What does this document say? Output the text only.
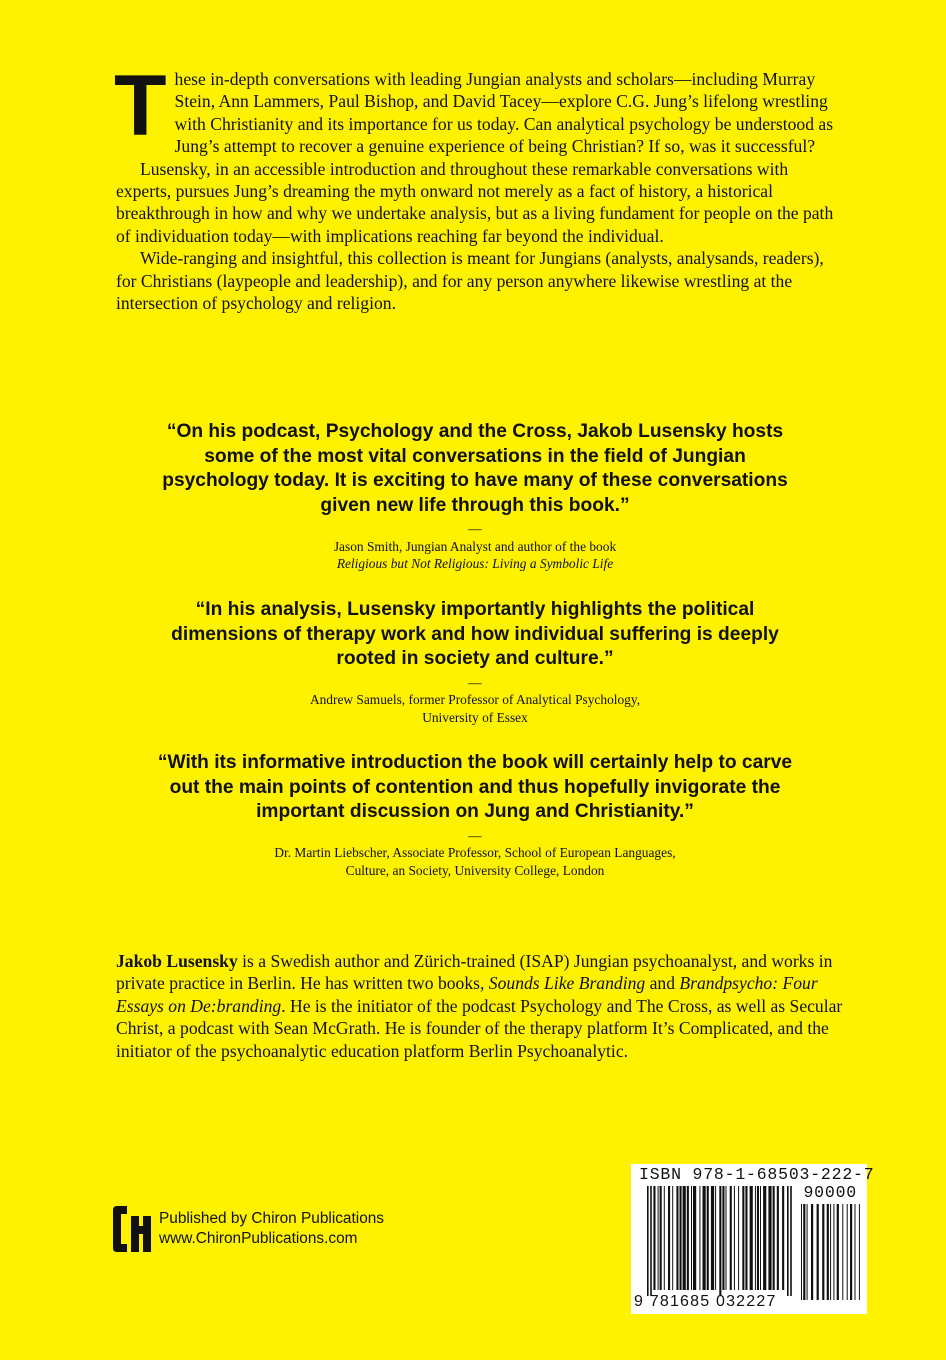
These in-depth conversations with leading Jungian analysts and scholars—including Murray Stein, Ann Lammers, Paul Bishop, and David Tacey—explore C.G. Jung’s lifelong wrestling with Christianity and its importance for us today. Can analytical psychology be understood as Jung’s attempt to recover a genuine experience of being Christian? If so, was it successful?

Lusensky, in an accessible introduction and throughout these remarkable conversations with experts, pursues Jung’s dreaming the myth onward not merely as a fact of history, a historical breakthrough in how and why we undertake analysis, but as a living fundament for people on the path of individuation today—with implications reaching far beyond the individual.

Wide-ranging and insightful, this collection is meant for Jungians (analysts, analysands, readers), for Christians (laypeople and leadership), and for any person anywhere likewise wrestling at the intersection of psychology and religion.

“On his podcast, Psychology and the Cross, Jakob Lusensky hosts some of the most vital conversations in the field of Jungian psychology today. It is exciting to have many of these conversations given new life through this book.”

—
Jason Smith, Jungian Analyst and author of the book
Religious but Not Religious: Living a Symbolic Life

“In his analysis, Lusensky importantly highlights the political dimensions of therapy work and how individual suffering is deeply rooted in society and culture.”

—
Andrew Samuels, former Professor of Analytical Psychology,
University of Essex

“With its informative introduction the book will certainly help to carve out the main points of contention and thus hopefully invigorate the important discussion on Jung and Christianity.”

—
Dr. Martin Liebscher, Associate Professor, School of European Languages,
Culture, an Society, University College, London

Jakob Lusensky is a Swedish author and Zürich-trained (ISAP) Jungian psychoanalyst, and works in private practice in Berlin. He has written two books, Sounds Like Branding and Brandpsycho: Four Essays on De:branding. He is the initiator of the podcast Psychology and The Cross, as well as Secular Christ, a podcast with Sean McGrath. He is founder of the therapy platform It’s Complicated, and the initiator of the psychoanalytic education platform Berlin Psychoanalytic.

Published by Chiron Publications
www.ChironPublications.com
ISBN 978-1-68503-222-7
90000
9 781685 032227
